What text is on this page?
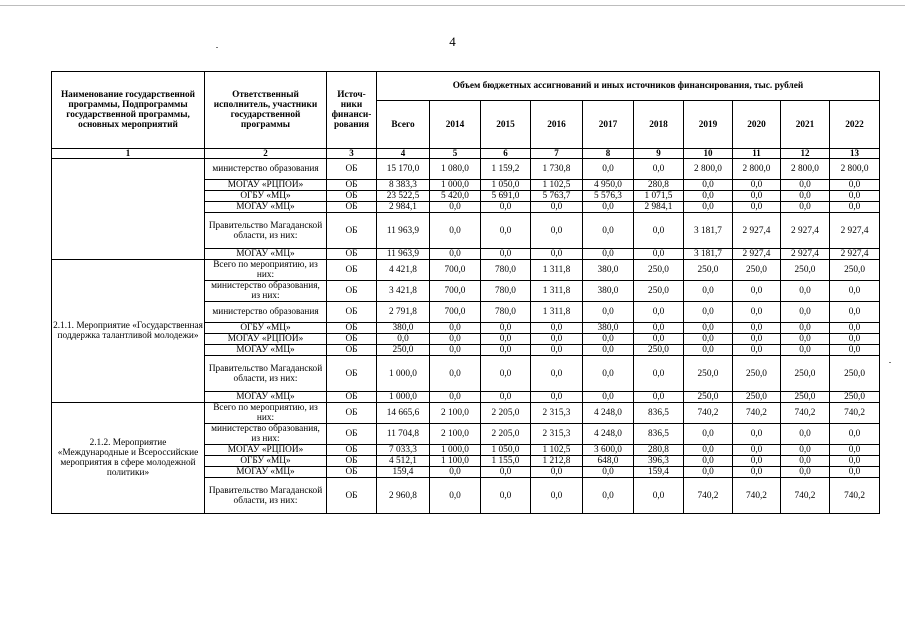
4
Наименование государственной программы, Подпрограммы государственной программы, основных мероприятий	Ответственный исполнитель, участники государственной программы	Источ-ники финанси-рования	Объем бюджетных ассигнований и иных источников финансирования, тыс. рублей									
			Всего	2014	2015	2016	2017	2018	2019	2020	2021	2022
1	2	3	4	5	6	7	8	9	10	11	12	13
	министерство образования	ОБ	15 170,0	1 080,0	1 159,2	1 730,8	0,0	0,0	2 800,0	2 800,0	2 800,0	2 800,0
	МОГАУ «РЦПОИ»	ОБ	8 383,3	1 000,0	1 050,0	1 102,5	4 950,0	280,8	0,0	0,0	0,0	0,0
	ОГБУ «МЦ»	ОБ	23 522,5	5 420,0	5 691,0	5 763,7	5 576,3	1 071,5	0,0	0,0	0,0	0,0
	МОГАУ «МЦ»	ОБ	2 984,1	0,0	0,0	0,0	0,0	2 984,1	0,0	0,0	0,0	0,0
	Правительство Магаданской области, из них:	ОБ	11 963,9	0,0	0,0	0,0	0,0	0,0	3 181,7	2 927,4	2 927,4	2 927,4
	МОГАУ «МЦ»	ОБ	11 963,9	0,0	0,0	0,0	0,0	0,0	3 181,7	2 927,4	2 927,4	2 927,4
2.1.1. Мероприятие «Государственная поддержка талантливой молодежи»	Всего по мероприятию, из них:	ОБ	4 421,8	700,0	780,0	1 311,8	380,0	250,0	250,0	250,0	250,0	250,0
	министерство образования, из них:	ОБ	3 421,8	700,0	780,0	1 311,8	380,0	250,0	0,0	0,0	0,0	0,0
	министерство образования	ОБ	2 791,8	700,0	780,0	1 311,8	0,0	0,0	0,0	0,0	0,0	0,0
	ОГБУ «МЦ»	ОБ	380,0	0,0	0,0	0,0	380,0	0,0	0,0	0,0	0,0	0,0
	МОГАУ «РЦПОИ»	ОБ	0,0	0,0	0,0	0,0	0,0	0,0	0,0	0,0	0,0	0,0
	МОГАУ «МЦ»	ОБ	250,0	0,0	0,0	0,0	0,0	250,0	0,0	0,0	0,0	0,0
	Правительство Магаданской области, из них:	ОБ	1 000,0	0,0	0,0	0,0	0,0	0,0	250,0	250,0	250,0	250,0
	МОГАУ «МЦ»	ОБ	1 000,0	0,0	0,0	0,0	0,0	0,0	250,0	250,0	250,0	250,0
2.1.2. Мероприятие «Международные и Всероссийские мероприятия в сфере молодежной политики»	Всего по мероприятию, из них:	ОБ	14 665,6	2 100,0	2 205,0	2 315,3	4 248,0	836,5	740,2	740,2	740,2	740,2
	министерство образования, из них:	ОБ	11 704,8	2 100,0	2 205,0	2 315,3	4 248,0	836,5	0,0	0,0	0,0	0,0
	МОГАУ «РЦПОИ»	ОБ	7 033,3	1 000,0	1 050,0	1 102,5	3 600,0	280,8	0,0	0,0	0,0	0,0
	ОГБУ «МЦ»	ОБ	4 512,1	1 100,0	1 155,0	1 212,8	648,0	396,3	0,0	0,0	0,0	0,0
	МОГАУ «МЦ»	ОБ	159,4	0,0	0,0	0,0	0,0	159,4	0,0	0,0	0,0	0,0
	Правительство Магаданской области, из них:	ОБ	2 960,8	0,0	0,0	0,0	0,0	0,0	740,2	740,2	740,2	740,2
